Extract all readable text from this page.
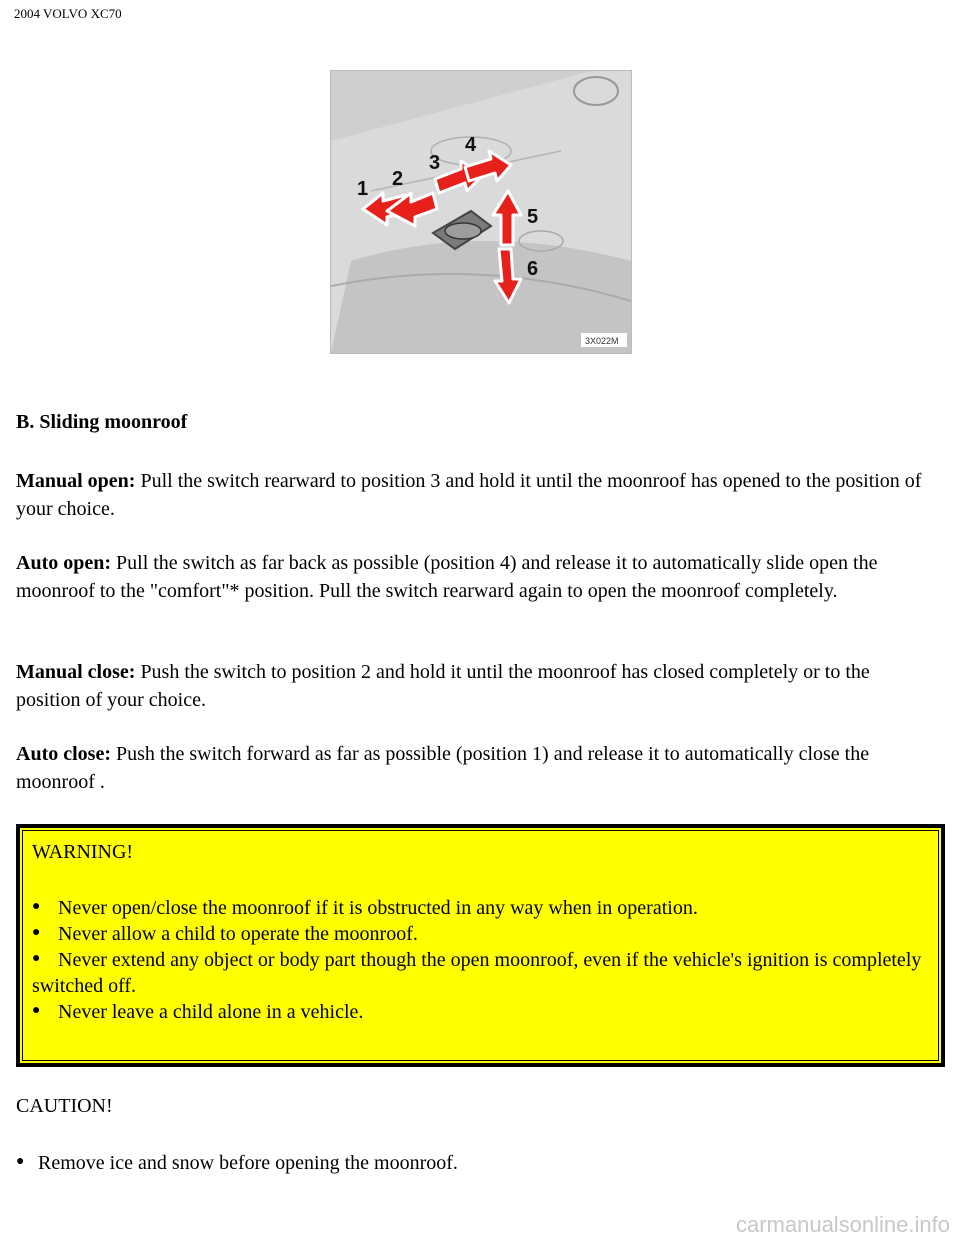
2004 VOLVO XC70
1 2
3
4
5
6
3X022M
B. Sliding moonroof
Manual open: Pull the switch rearward to position 3 and hold it until the moonroof has opened to the position of your choice.
Auto open: Pull the switch as far back as possible (position 4) and release it to automatically slide open the moonroof to the "comfort"* position. Pull the switch rearward again to open the moonroof completely.
Manual close: Push the switch to position 2 and hold it until the moonroof has closed completely or to the position of your choice.
Auto close: Push the switch forward as far as possible (position 1) and release it to automatically close the moonroof .
WARNING!
● Never open/close the moonroof if it is obstructed in any way when in operation.
● Never allow a child to operate the moonroof.
● Never extend any object or body part though the open moonroof, even if the vehicle's ignition is completely switched off.
● Never leave a child alone in a vehicle.
CAUTION!
● Remove ice and snow before opening the moonroof.
carmanualsonline.info
